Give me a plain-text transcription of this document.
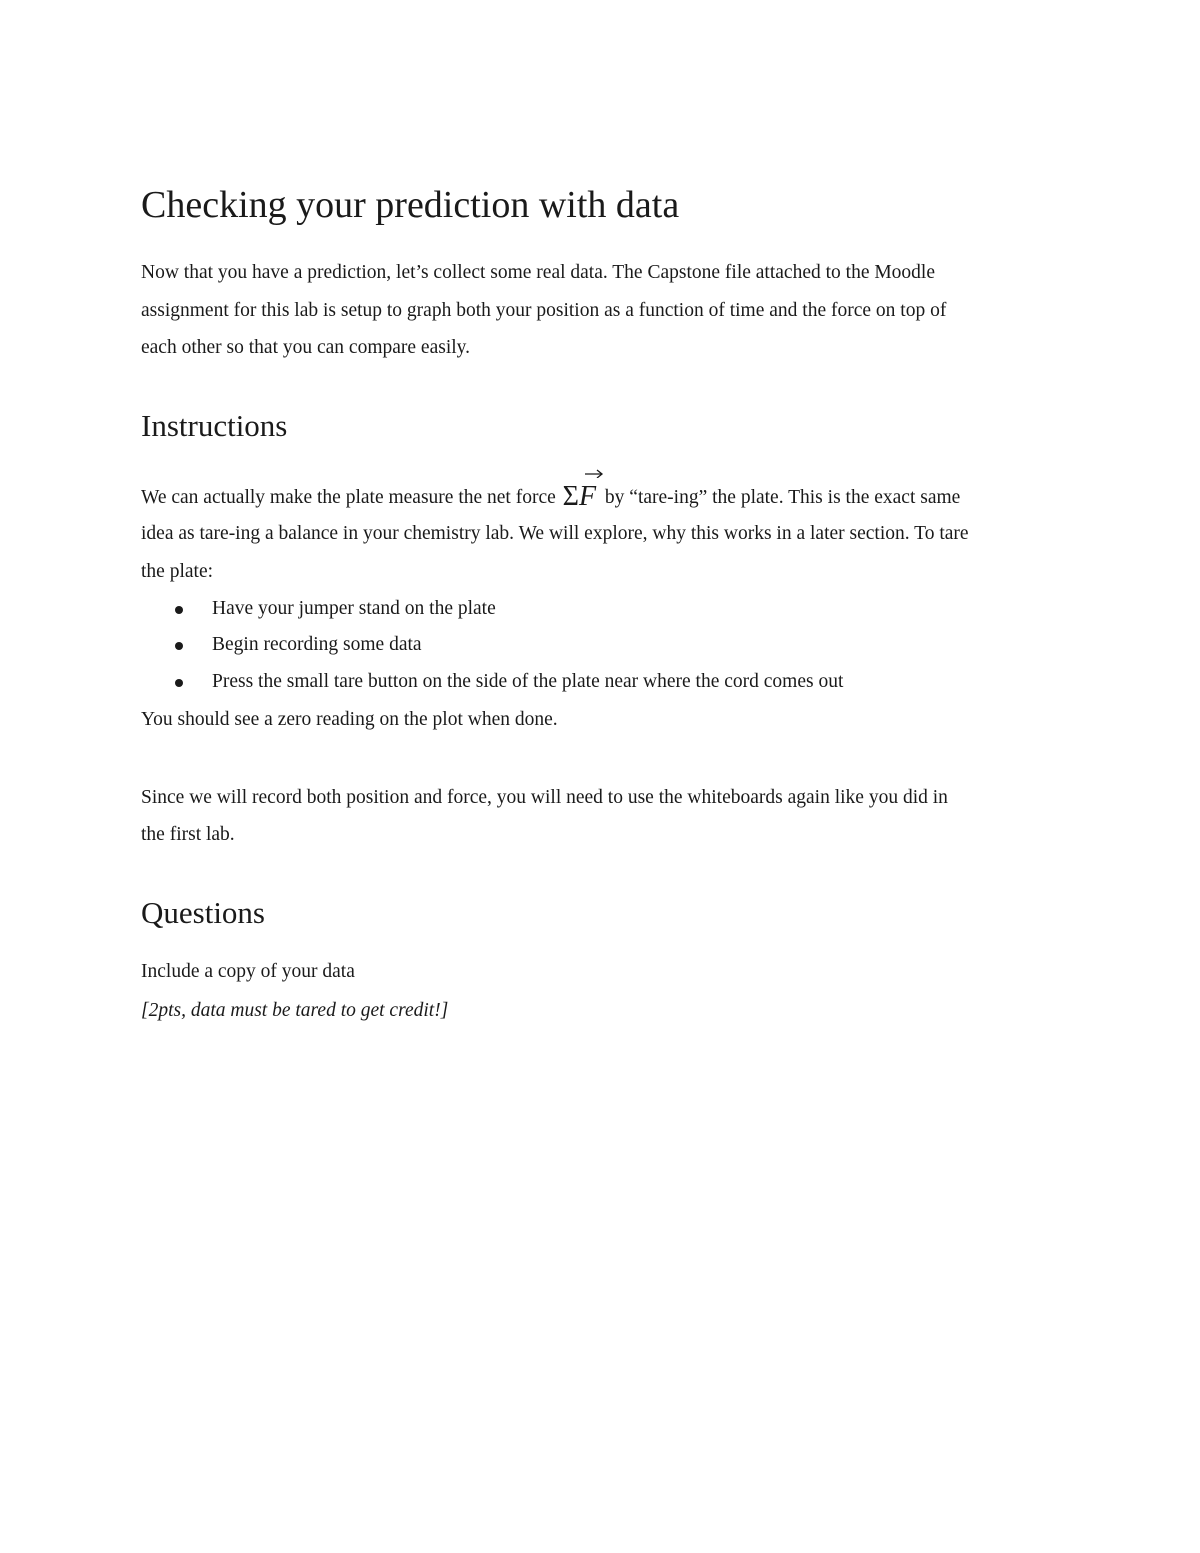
Checking your prediction with data
Now that you have a prediction, let’s collect some real data. The Capstone file attached to the Moodle
assignment for this lab is setup to graph both your position as a function of time and the force on top of
each other so that you can compare easily.
Instructions
We can actually make the plate measure the net force Σ
F by “tare-ing” the plate. This is the exact same
idea as tare-ing a balance in your chemistry lab. We will explore, why this works in a later section. To tare
the plate:
Have your jumper stand on the plate
Begin recording some data
Press the small tare button on the side of the plate near where the cord comes out
You should see a zero reading on the plot when done.
Since we will record both position and force, you will need to use the whiteboards again like you did in
the first lab.
Questions
Include a copy of your data
[2pts, data must be tared to get credit!]
